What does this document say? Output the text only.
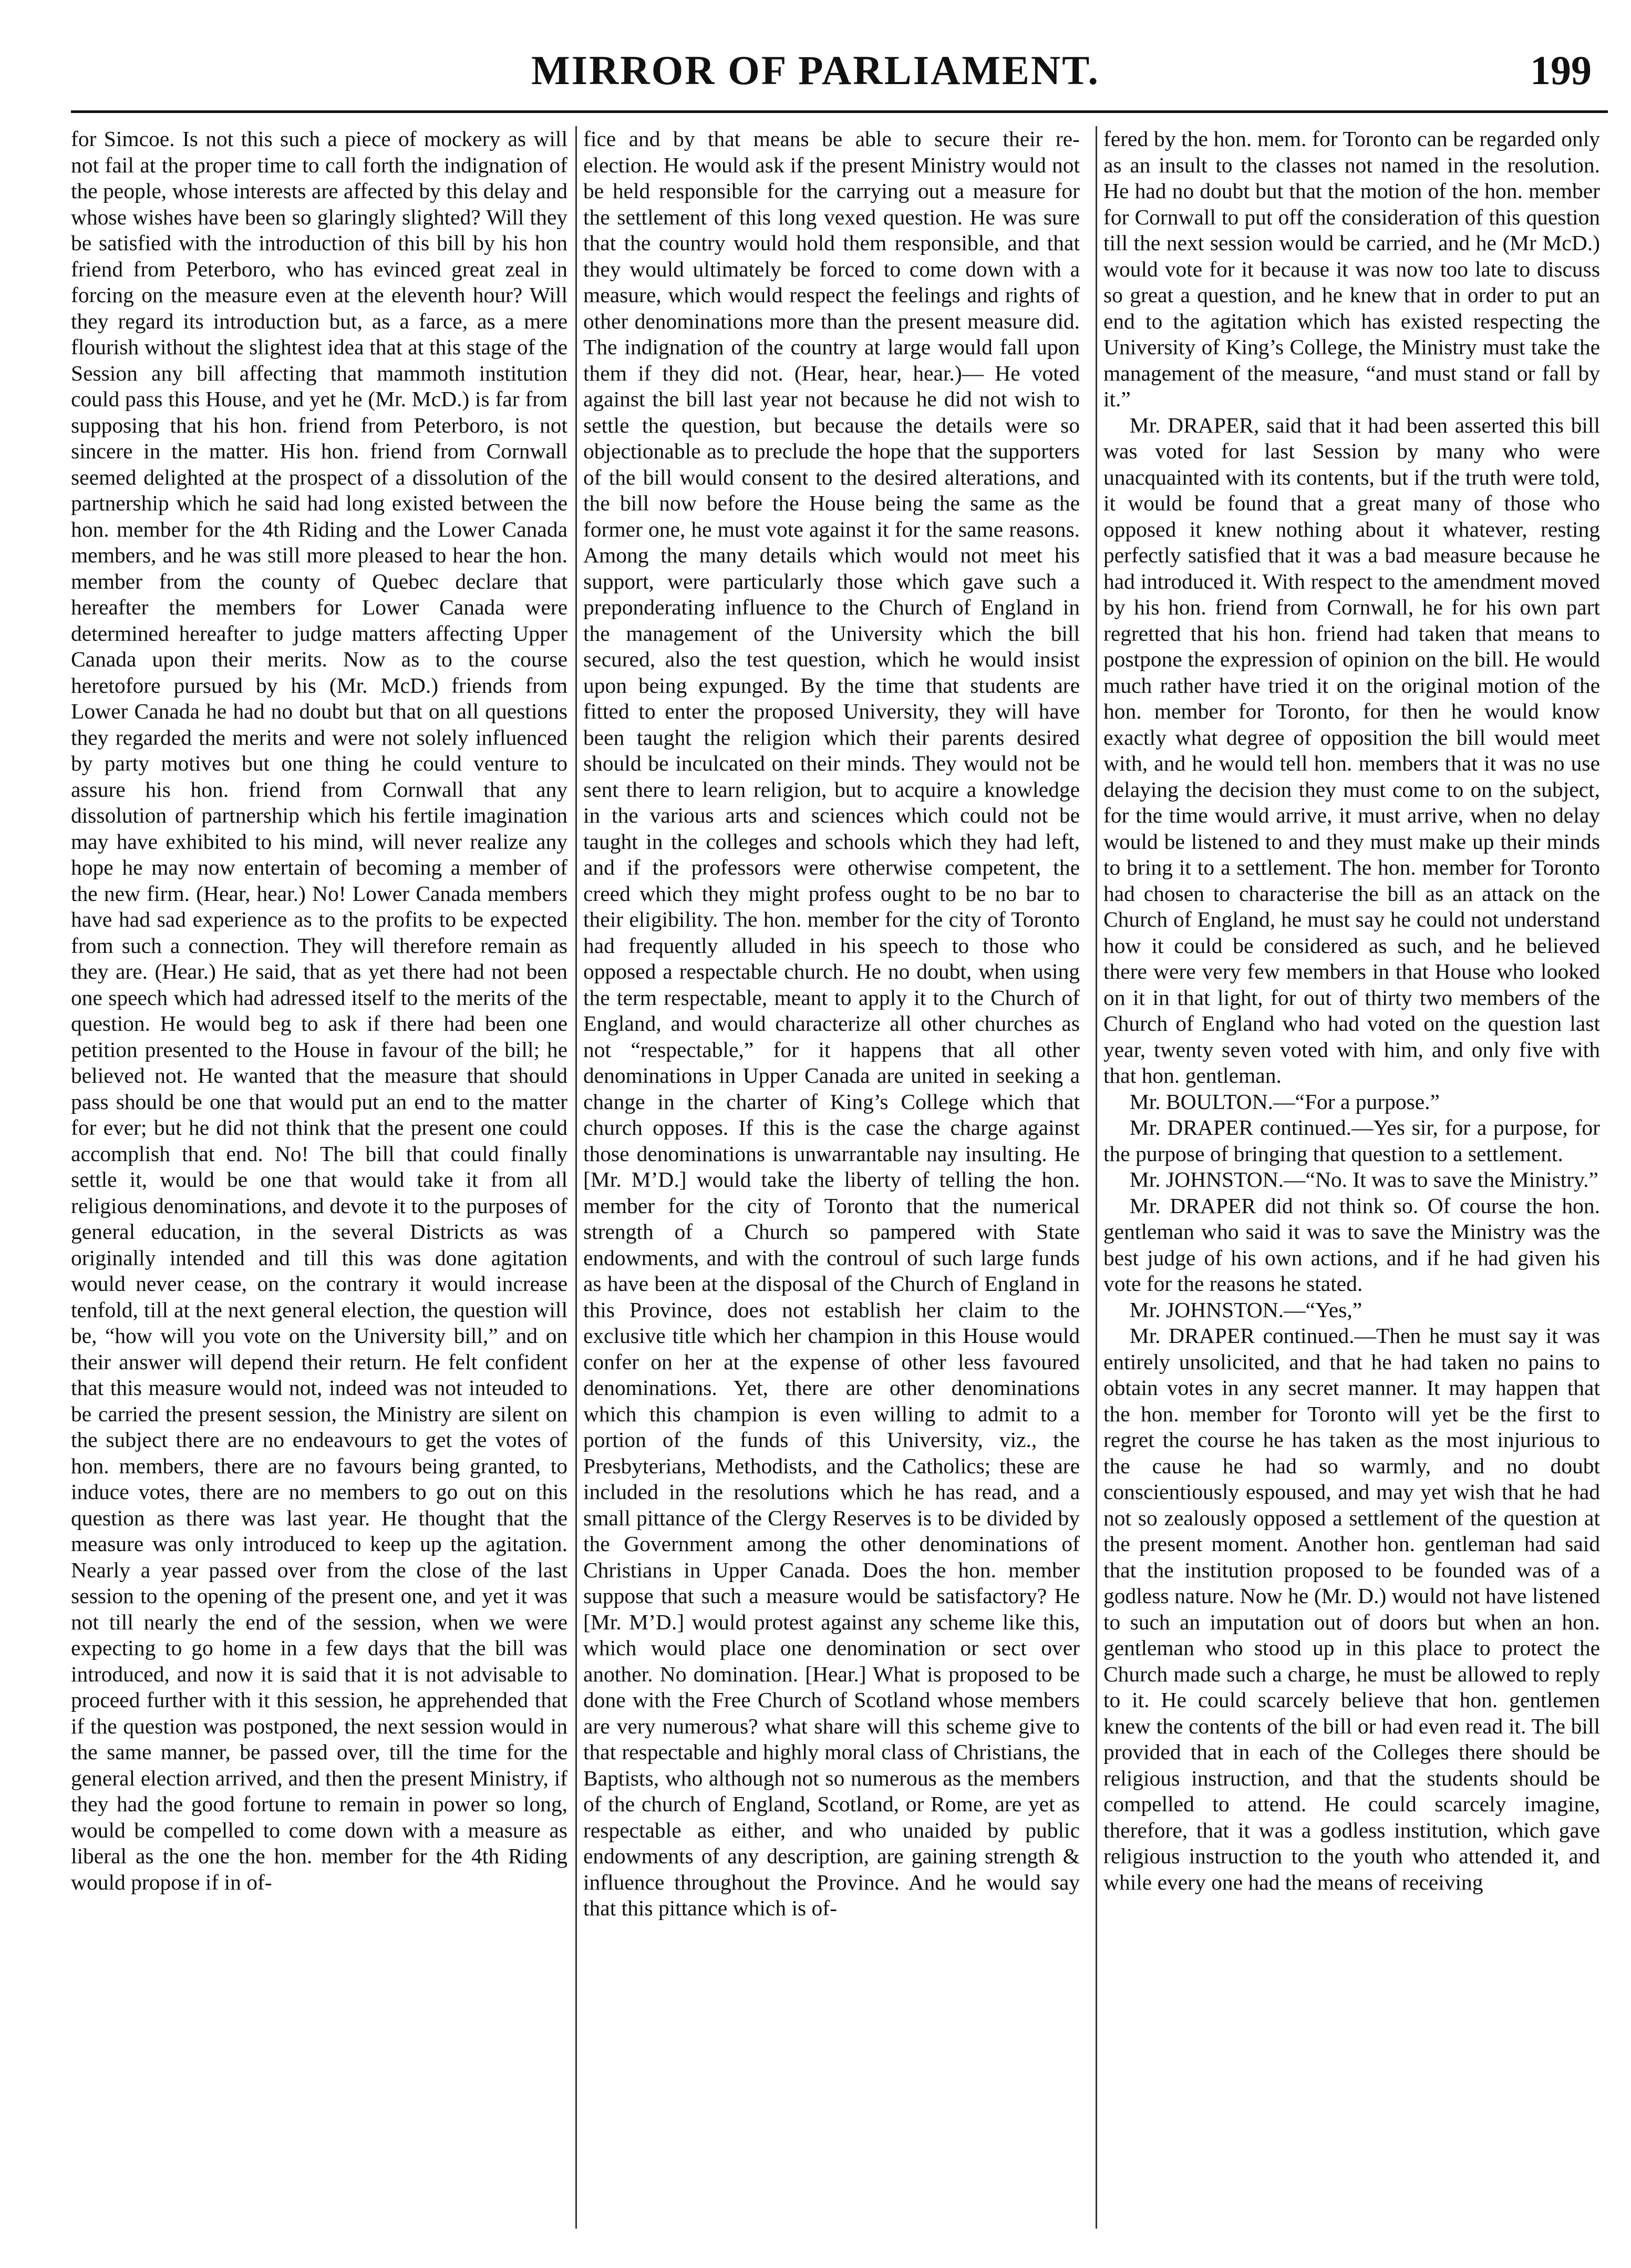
MIRROR OF PARLIAMENT.	199

for Simcoe. Is not this such a piece of mockery as will not fail at the proper time to call forth the indignation of the people, whose interests are affected by this delay and whose wishes have been so glaringly slighted? Will they be satisfied with the introduction of this bill by his hon friend from Peterboro, who has evinced great zeal in forcing on the measure even at the eleventh hour? Will they regard its introduction but, as a farce, as a mere flourish without the slightest idea that at this stage of the Session any bill affecting that mammoth institution could pass this House, and yet he (Mr. McD.) is far from supposing that his hon. friend from Peterboro, is not sincere in the matter. His hon. friend from Cornwall seemed delighted at the prospect of a dissolution of the partnership which he said had long existed between the hon. member for the 4th Riding and the Lower Canada members, and he was still more pleased to hear the hon. member from the county of Quebec declare that hereafter the members for Lower Canada were determined hereafter to judge matters affecting Upper Canada upon their merits. Now as to the course heretofore pursued by his (Mr. McD.) friends from Lower Canada he had no doubt but that on all questions they regarded the merits and were not solely influenced by party motives but one thing he could venture to assure his hon. friend from Cornwall that any dissolution of partnership which his fertile imagination may have exhibited to his mind, will never realize any hope he may now entertain of becoming a member of the new firm. (Hear, hear.) No! Lower Canada members have had sad experience as to the profits to be expected from such a connection. They will therefore remain as they are. (Hear.) He said, that as yet there had not been one speech which had adressed itself to the merits of the question. He would beg to ask if there had been one petition presented to the House in favour of the bill; he believed not. He wanted that the measure that should pass should be one that would put an end to the matter for ever; but he did not think that the present one could accomplish that end. No! The bill that could finally settle it, would be one that would take it from all religious denominations, and devote it to the purposes of general education, in the several Districts as was originally intended and till this was done agitation would never cease, on the contrary it would increase tenfold, till at the next general election, the question will be, “how will you vote on the University bill,” and on their answer will depend their return. He felt confident that this measure would not, indeed was not inteuded to be carried the present session, the Ministry are silent on the subject there are no endeavours to get the votes of hon. members, there are no favours being granted, to induce votes, there are no members to go out on this question as there was last year. He thought that the measure was only introduced to keep up the agitation. Nearly a year passed over from the close of the last session to the opening of the present one, and yet it was not till nearly the end of the session, when we were expecting to go home in a few days that the bill was introduced, and now it is said that it is not advisable to proceed further with it this session, he apprehended that if the question was postponed, the next session would in the same manner, be passed over, till the time for the general election arrived, and then the present Ministry, if they had the good fortune to remain in power so long, would be compelled to come down with a measure as liberal as the one the hon. member for the 4th Riding would propose if in of-

fice and by that means be able to secure their re-election. He would ask if the present Ministry would not be held responsible for the carrying out a measure for the settlement of this long vexed question. He was sure that the country would hold them responsible, and that they would ultimately be forced to come down with a measure, which would respect the feelings and rights of other denominations more than the present measure did. The indignation of the country at large would fall upon them if they did not. (Hear, hear, hear.)— He voted against the bill last year not because he did not wish to settle the question, but because the details were so objectionable as to preclude the hope that the supporters of the bill would consent to the desired alterations, and the bill now before the House being the same as the former one, he must vote against it for the same reasons. Among the many details which would not meet his support, were particularly those which gave such a preponderating influence to the Church of England in the management of the University which the bill secured, also the test question, which he would insist upon being expunged. By the time that students are fitted to enter the proposed University, they will have been taught the religion which their parents desired should be inculcated on their minds. They would not be sent there to learn religion, but to acquire a knowledge in the various arts and sciences which could not be taught in the colleges and schools which they had left, and if the professors were otherwise competent, the creed which they might profess ought to be no bar to their eligibility. The hon. member for the city of Toronto had frequently alluded in his speech to those who opposed a respectable church. He no doubt, when using the term respectable, meant to apply it to the Church of England, and would characterize all other churches as not “respectable,” for it happens that all other denominations in Upper Canada are united in seeking a change in the charter of King’s College which that church opposes. If this is the case the charge against those denominations is unwarrantable nay insulting. He [Mr. M’D.] would take the liberty of telling the hon. member for the city of Toronto that the numerical strength of a Church so pampered with State endowments, and with the controul of such large funds as have been at the disposal of the Church of England in this Province, does not establish her claim to the exclusive title which her champion in this House would confer on her at the expense of other less favoured denominations. Yet, there are other denominations which this champion is even willing to admit to a portion of the funds of this University, viz., the Presbyterians, Methodists, and the Catholics; these are included in the resolutions which he has read, and a small pittance of the Clergy Reserves is to be divided by the Government among the other denominations of Christians in Upper Canada. Does the hon. member suppose that such a measure would be satisfactory? He [Mr. M’D.] would protest against any scheme like this, which would place one denomination or sect over another. No domination. [Hear.] What is proposed to be done with the Free Church of Scotland whose members are very numerous? what share will this scheme give to that respectable and highly moral class of Christians, the Baptists, who although not so numerous as the members of the church of England, Scotland, or Rome, are yet as respectable as either, and who unaided by public endowments of any description, are gaining strength & influence throughout the Province. And he would say that this pittance which is of-

fered by the hon. mem. for Toronto can be regarded only as an insult to the classes not named in the resolution. He had no doubt but that the motion of the hon. member for Cornwall to put off the consideration of this question till the next session would be carried, and he (Mr McD.) would vote for it because it was now too late to discuss so great a question, and he knew that in order to put an end to the agitation which has existed respecting the University of King’s College, the Ministry must take the management of the measure, “and must stand or fall by it.”

Mr. DRAPER, said that it had been asserted this bill was voted for last Session by many who were unacquainted with its contents, but if the truth were told, it would be found that a great many of those who opposed it knew nothing about it whatever, resting perfectly satisfied that it was a bad measure because he had introduced it. With respect to the amendment moved by his hon. friend from Cornwall, he for his own part regretted that his hon. friend had taken that means to postpone the expression of opinion on the bill. He would much rather have tried it on the original motion of the hon. member for Toronto, for then he would know exactly what degree of opposition the bill would meet with, and he would tell hon. members that it was no use delaying the decision they must come to on the subject, for the time would arrive, it must arrive, when no delay would be listened to and they must make up their minds to bring it to a settlement. The hon. member for Toronto had chosen to characterise the bill as an attack on the Church of England, he must say he could not understand how it could be considered as such, and he believed there were very few members in that House who looked on it in that light, for out of thirty two members of the Church of England who had voted on the question last year, twenty seven voted with him, and only five with that hon. gentleman.

Mr. BOULTON.—“For a purpose.”

Mr. DRAPER continued.—Yes sir, for a purpose, for the purpose of bringing that question to a settlement.

Mr. JOHNSTON.—“No. It was to save the Ministry.”

Mr. DRAPER did not think so. Of course the hon. gentleman who said it was to save the Ministry was the best judge of his own actions, and if he had given his vote for the reasons he stated.

Mr. JOHNSTON.—“Yes,”

Mr. DRAPER continued.—Then he must say it was entirely unsolicited, and that he had taken no pains to obtain votes in any secret manner. It may happen that the hon. member for Toronto will yet be the first to regret the course he has taken as the most injurious to the cause he had so warmly, and no doubt conscientiously espoused, and may yet wish that he had not so zealously opposed a settlement of the question at the present moment. Another hon. gentleman had said that the institution proposed to be founded was of a godless nature. Now he (Mr. D.) would not have listened to such an imputation out of doors but when an hon. gentleman who stood up in this place to protect the Church made such a charge, he must be allowed to reply to it. He could scarcely believe that hon. gentlemen knew the contents of the bill or had even read it. The bill provided that in each of the Colleges there should be religious instruction, and that the students should be compelled to attend. He could scarcely imagine, therefore, that it was a godless institution, which gave religious instruction to the youth who attended it, and while every one had the means of receiving
